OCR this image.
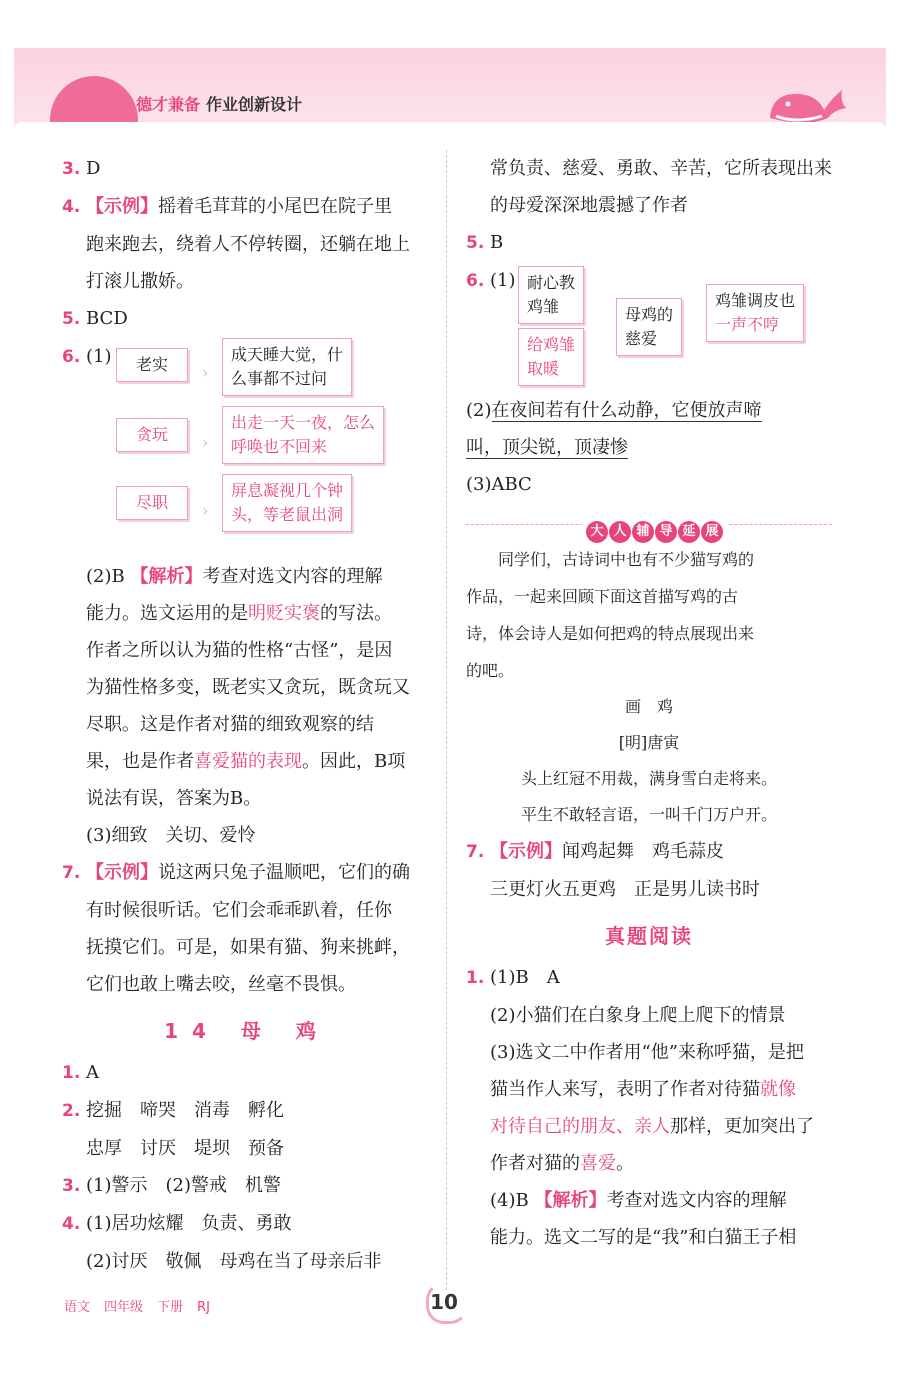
德才兼备 作业创新设计
3. D
4. 【示例】摇着毛茸茸的小尾巴在院子里
跑来跑去，绕着人不停转圈，还躺在地上
打滚儿撒娇。
5. BCD
6. (1)	老实	›
成天睡大觉，什
么事都不过问
贪玩	›
出走一天一夜，怎么
呼唤也不回来
尽职	›
屏息凝视几个钟
头，等老鼠出洞
(2)B 【解析】考查对选文内容的理解
能力。选文运用的是明贬实褒的写法。
作者之所以认为猫的性格“古怪”，是因
为猫性格多变，既老实又贪玩，既贪玩又
尽职。这是作者对猫的细致观察的结
果，也是作者喜爱猫的表现。因此，B项
说法有误，答案为B。
(3)细致　关切、爱怜
7. 【示例】说这两只兔子温顺吧，它们的确
有时候很听话。它们会乖乖趴着，任你
抚摸它们。可是，如果有猫、狗来挑衅，
它们也敢上嘴去咬，丝毫不畏惧。
14 母 鸡
1. A
2. 挖掘　啼哭　消毒　孵化
忠厚　讨厌　堤坝　预备
3. (1)警示　(2)警戒　机警
4. (1)居功炫耀　负责、勇敢
(2)讨厌　敬佩　母鸡在当了母亲后非
常负责、慈爱、勇敢、辛苦，它所表现出来
的母爱深深地震撼了作者
5. B
6. (1) 耐心教
鸡雏
给鸡雏
取暖
母鸡的
慈爱
鸡雏调皮也
一声不哼
(2)在夜间若有什么动静，它便放声啼
叫，顶尖锐，顶凄惨
(3)ABC
大 人 辅 导 延 展
同学们，古诗词中也有不少猫写鸡的
作品，一起来回顾下面这首描写鸡的古
诗，体会诗人是如何把鸡的特点展现出来
的吧。
画　鸡
[明]唐寅
头上红冠不用裁，满身雪白走将来。
平生不敢轻言语，一叫千门万户开。
7. 【示例】闻鸡起舞　鸡毛蒜皮
三更灯火五更鸡　正是男儿读书时
真题阅读
1. (1)B　A
(2)小猫们在白象身上爬上爬下的情景
(3)选文二中作者用“他”来称呼猫，是把
猫当作人来写，表明了作者对待猫就像
对待自己的朋友、亲人那样，更加突出了
作者对猫的喜爱。
(4)B 【解析】考查对选文内容的理解
能力。选文二写的是“我”和白猫王子相
语文 四年级 下册 RJ	10
